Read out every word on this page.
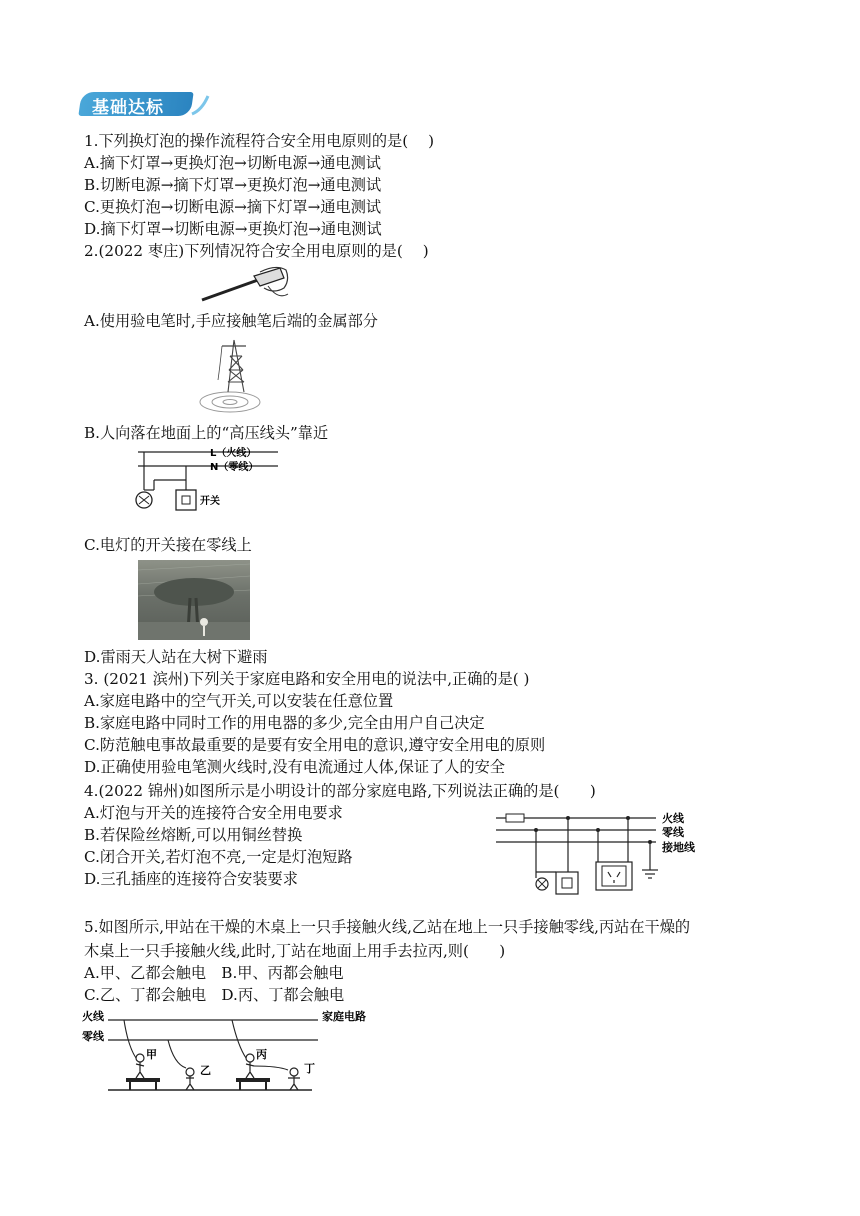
基础达标
1.下列换灯泡的操作流程符合安全用电原则的是(　 )
A.摘下灯罩→更换灯泡→切断电源→通电测试
B.切断电源→摘下灯罩→更换灯泡→通电测试
C.更换灯泡→切断电源→摘下灯罩→通电测试
D.摘下灯罩→切断电源→更换灯泡→通电测试
2.(2022 枣庄)下列情况符合安全用电原则的是(　 )
A.使用验电笔时,手应接触笔后端的金属部分
B.人向落在地面上的“高压线头”靠近
L（火线）
N（零线）
开关
C.电灯的开关接在零线上
D.雷雨天人站在大树下避雨
3. (2021 滨州)下列关于家庭电路和安全用电的说法中,正确的是( )
A.家庭电路中的空气开关,可以安装在任意位置
B.家庭电路中同时工作的用电器的多少,完全由用户自己决定
C.防范触电事故最重要的是要有安全用电的意识,遵守安全用电的原则
D.正确使用验电笔测火线时,没有电流通过人体,保证了人的安全
4.(2022 锦州)如图所示是小明设计的部分家庭电路,下列说法正确的是(　　)
A.灯泡与开关的连接符合安全用电要求
B.若保险丝熔断,可以用铜丝替换
C.闭合开关,若灯泡不亮,一定是灯泡短路
D.三孔插座的连接符合安装要求
火线
零线
接地线
5.如图所示,甲站在干燥的木桌上一只手接触火线,乙站在地上一只手接触零线,丙站在干燥的
木桌上一只手接触火线,此时,丁站在地面上用手去拉丙,则(　　)
A.甲、乙都会触电　B.甲、丙都会触电
C.乙、丁都会触电　D.丙、丁都会触电
火线	家庭电路
零线
甲
乙
丙
丁
